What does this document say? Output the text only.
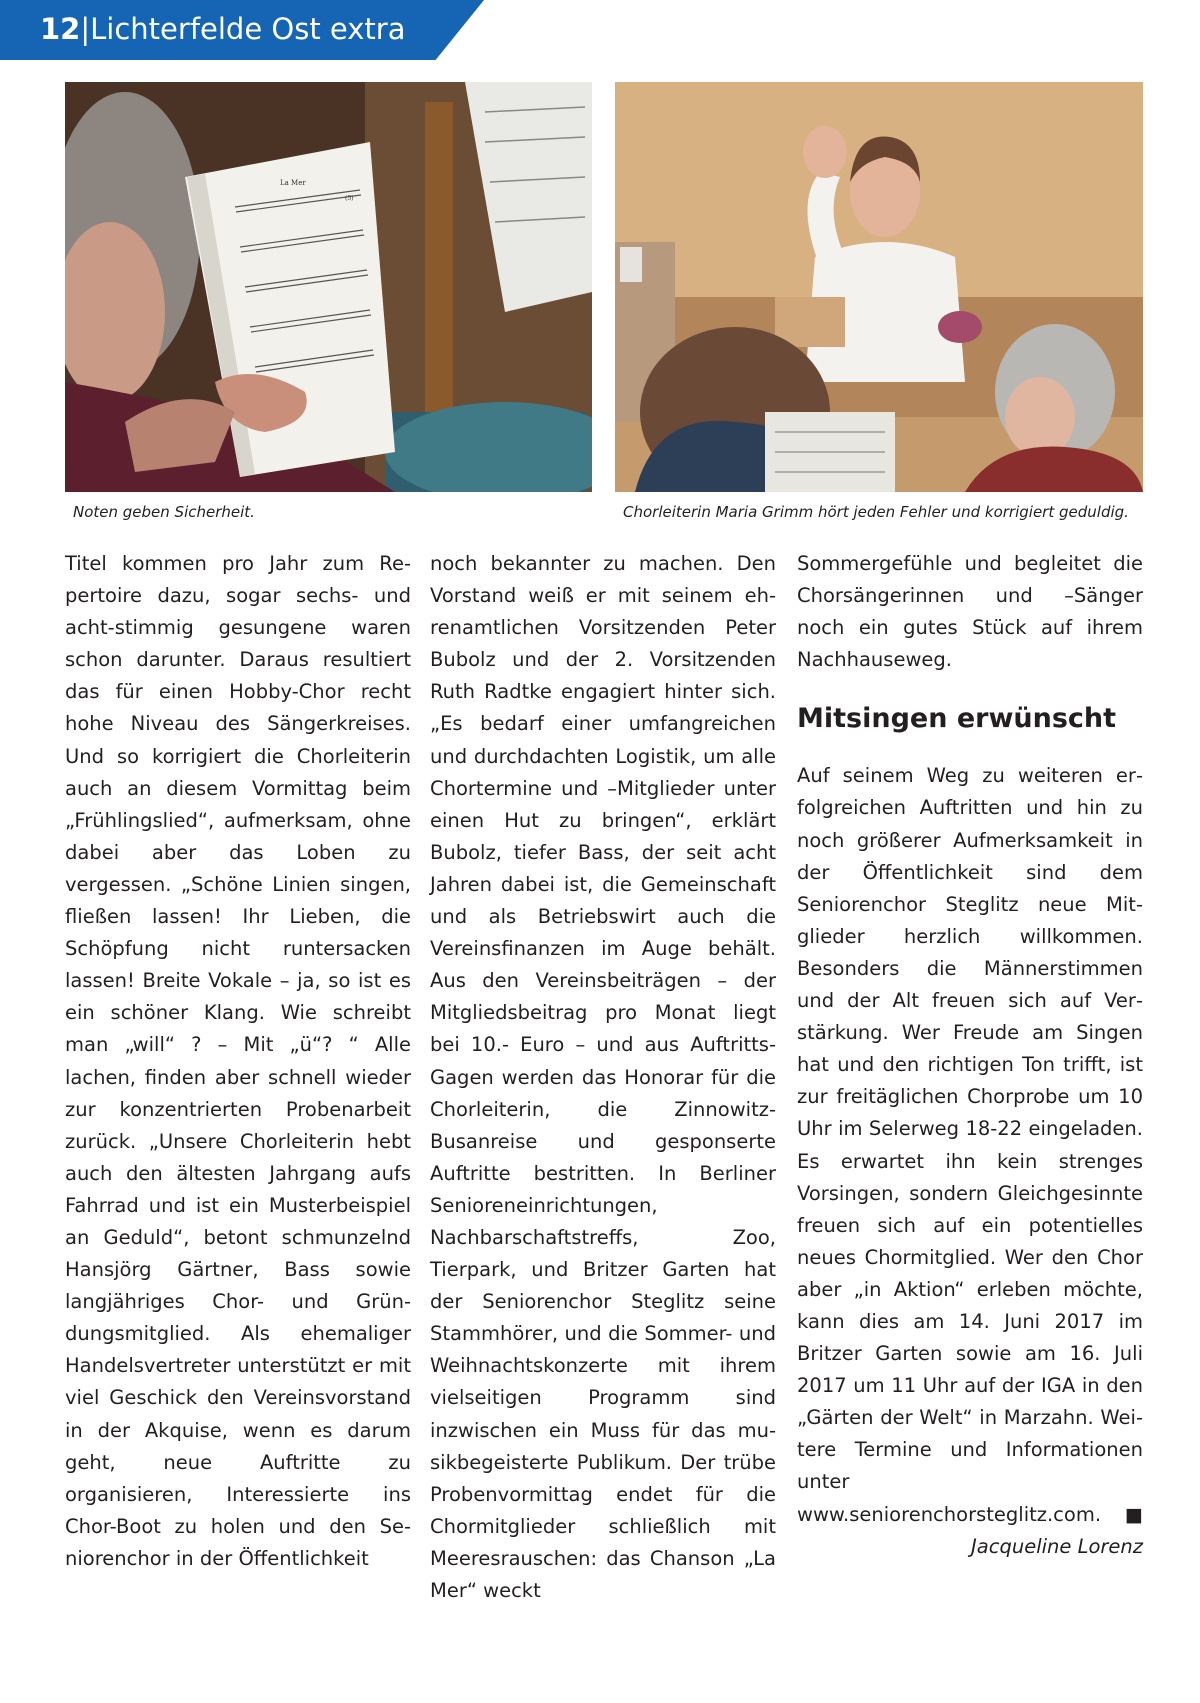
12|Lichterfelde Ost extra
La Mer
(5)
Noten geben Sicherheit.	Chorleiterin Maria Grimm hört jeden Fehler und korrigiert geduldig.

Titel kommen pro Jahr zum Repertoire dazu, sogar sechs- und acht-stimmig gesungene waren schon darunter. Daraus resultiert das für einen Hobby-Chor recht hohe Niveau des Sängerkreises. Und so korrigiert die Chorleiterin auch an diesem Vormittag beim „Frühlingslied“, aufmerksam, ohne dabei aber das Loben zu vergessen. „Schöne Linien singen, fließen lassen! Ihr Lieben, die Schöpfung nicht runtersacken lassen! Breite Vokale – ja, so ist es ein schöner Klang. Wie schreibt man „will“ ? – Mit „ü“? “ Alle lachen, finden aber schnell wieder zur konzentrierten Probenarbeit zurück. „Unsere Chorleiterin hebt auch den ältesten Jahrgang aufs Fahrrad und ist ein Musterbeispiel an Geduld“, betont schmunzelnd Hansjörg Gärtner, Bass sowie langjähriges Chor- und Gründungsmitglied. Als ehemaliger Handelsvertreter unterstützt er mit viel Geschick den Vereinsvorstand in der Akquise, wenn es darum geht, neue Auftritte zu organisieren, Interessierte ins Chor-Boot zu holen und den Seniorenchor in der Öffentlichkeit

noch bekannter zu machen. Den Vorstand weiß er mit seinem ehrenamtlichen Vorsitzenden Peter Bubolz und der 2. Vorsitzenden Ruth Radtke engagiert hinter sich. „Es bedarf einer umfangreichen und durchdachten Logistik, um alle Chortermine und –Mitglieder unter einen Hut zu bringen“, erklärt Bubolz, tiefer Bass, der seit acht Jahren dabei ist, die Gemeinschaft und als Betriebswirt auch die Vereinsfinanzen im Auge behält. Aus den Vereinsbeiträgen – der Mitgliedsbeitrag pro Monat liegt bei 10.- Euro – und aus Auftritts-Gagen werden das Honorar für die Chorleiterin, die Zinnowitz-Busanreise und gesponserte Auftritte bestritten. In Berliner Senioreneinrichtungen, Nachbarschaftstreffs, Zoo, Tierpark, und Britzer Garten hat der Seniorenchor Steglitz seine Stammhörer, und die Sommer- und Weihnachtskonzerte mit ihrem vielseitigen Programm sind inzwischen ein Muss für das musikbegeisterte Publikum. Der trübe Probenvormittag endet für die Chormitglieder schließlich mit Meeresrauschen: das Chanson „La Mer“ weckt

Sommergefühle und begleitet die Chorsängerinnen und –Sänger noch ein gutes Stück auf ihrem Nachhauseweg.

Mitsingen erwünscht

Auf seinem Weg zu weiteren erfolgreichen Auftritten und hin zu noch größerer Aufmerksamkeit in der Öffentlichkeit sind dem Seniorenchor Steglitz neue Mitglieder herzlich willkommen. Besonders die Männerstimmen und der Alt freuen sich auf Verstärkung. Wer Freude am Singen hat und den richtigen Ton trifft, ist zur freitäglichen Chorprobe um 10 Uhr im Selerweg 18-22 eingeladen. Es erwartet ihn kein strenges Vorsingen, sondern Gleichgesinnte freuen sich auf ein potentielles neues Chormitglied. Wer den Chor aber „in Aktion“ erleben möchte, kann dies am 14. Juni 2017 im Britzer Garten sowie am 16. Juli 2017 um 11 Uhr auf der IGA in den „Gärten der Welt“ in Marzahn. Weitere Termine und Informationen unter www.seniorenchorsteglitz.com. ■

Jacqueline Lorenz
